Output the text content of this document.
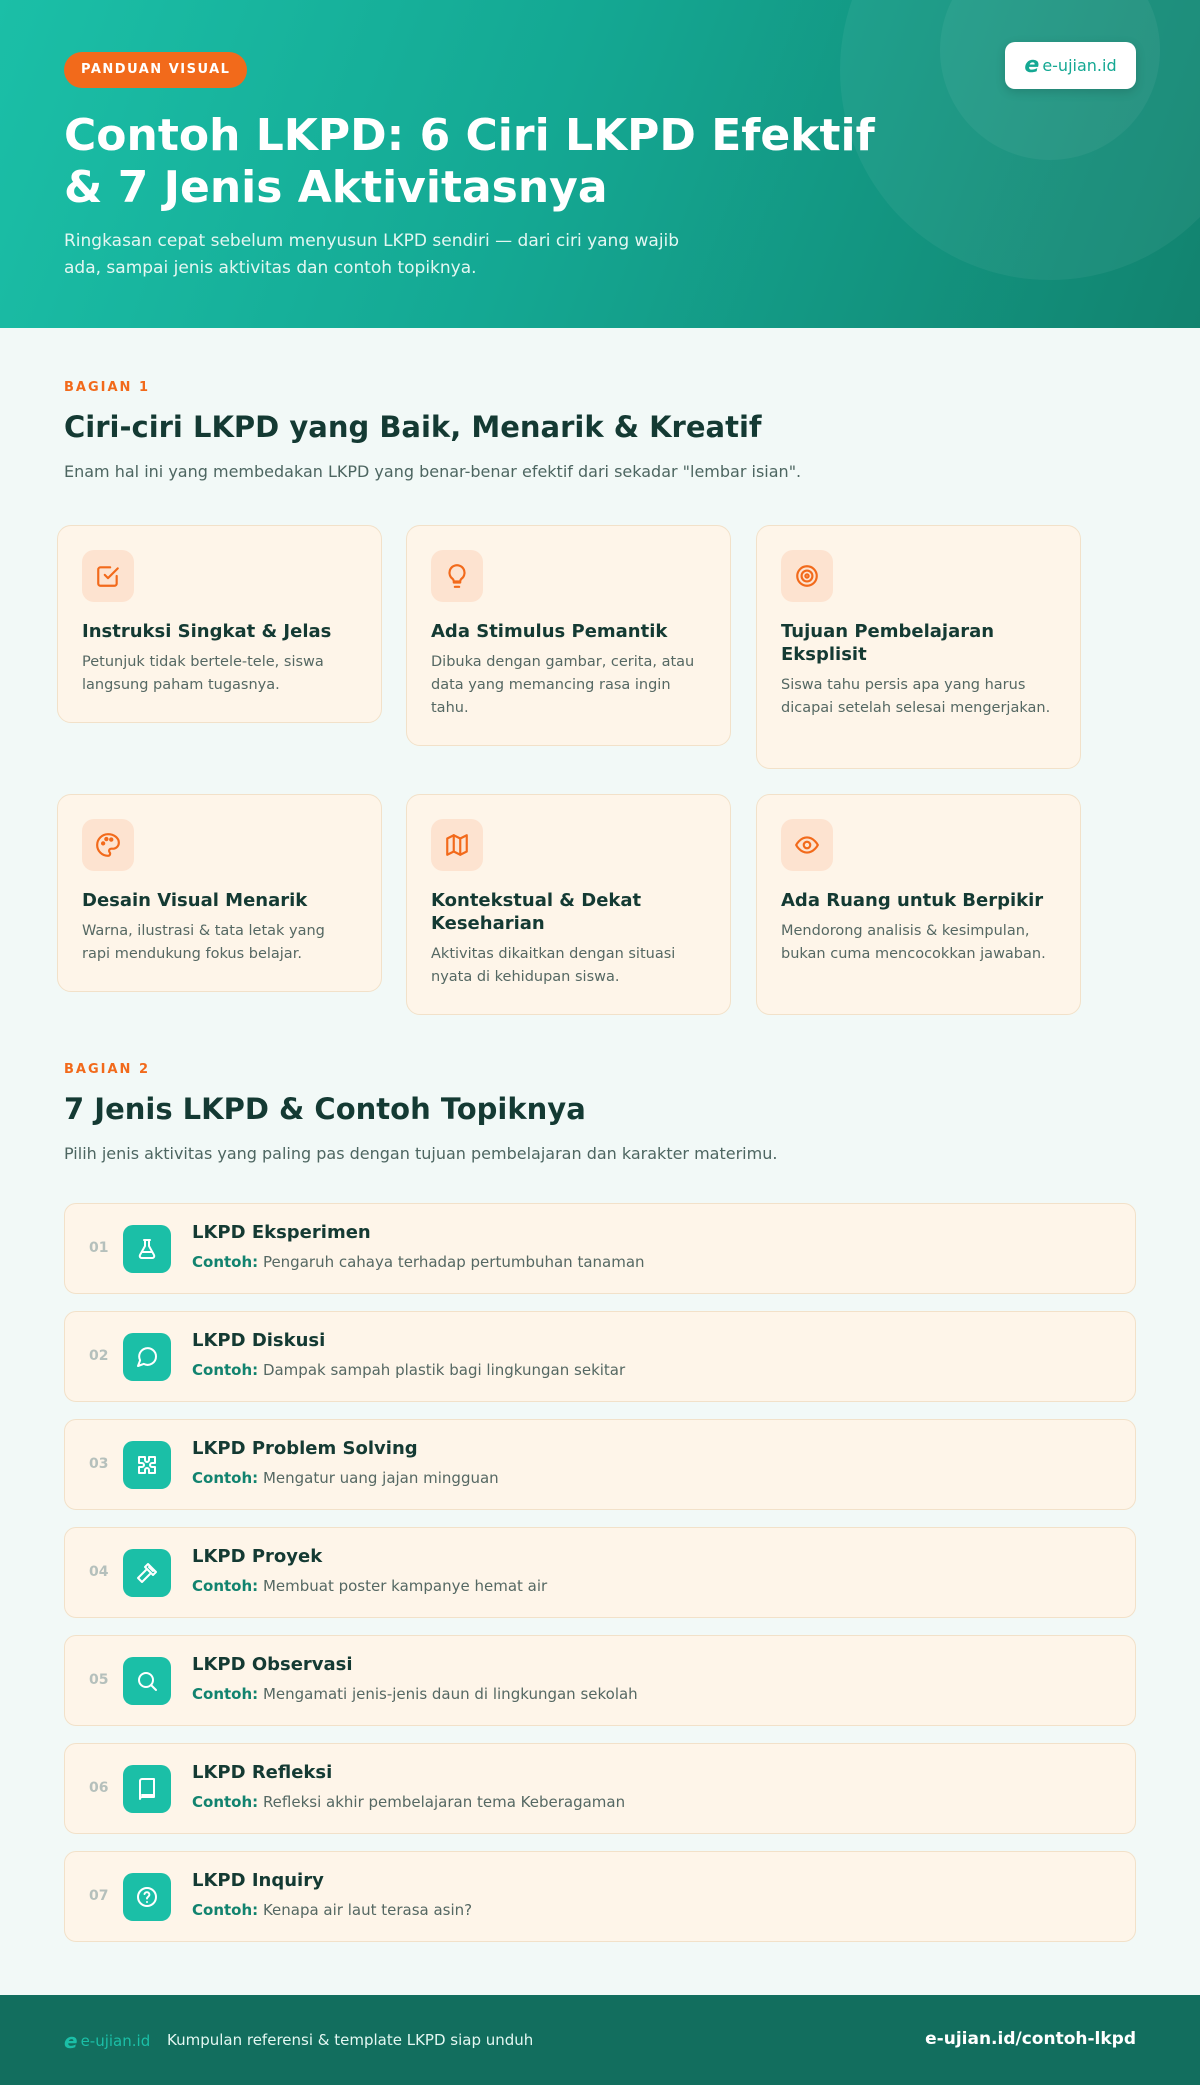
PANDUAN VISUAL
Contoh LKPD: 6 Ciri LKPD Efektif & 7 Jenis Aktivitasnya

Ringkasan cepat sebelum menyusun LKPD sendiri — dari ciri yang wajib ada, sampai jenis aktivitas dan contoh topiknya.

e e-ujian.id
BAGIAN 1
Ciri-ciri LKPD yang Baik, Menarik & Kreatif

Enam hal ini yang membedakan LKPD yang benar-benar efektif dari sekadar "lembar isian".

Instruksi Singkat & Jelas
Petunjuk tidak bertele-tele, siswa langsung paham tugasnya.
Ada Stimulus Pemantik
Dibuka dengan gambar, cerita, atau data yang memancing rasa ingin tahu.
Tujuan Pembelajaran Eksplisit
Siswa tahu persis apa yang harus dicapai setelah selesai mengerjakan.
Desain Visual Menarik
Warna, ilustrasi & tata letak yang rapi mendukung fokus belajar.
Kontekstual & Dekat Keseharian
Aktivitas dikaitkan dengan situasi nyata di kehidupan siswa.
Ada Ruang untuk Berpikir
Mendorong analisis & kesimpulan, bukan cuma mencocokkan jawaban.
BAGIAN 2
7 Jenis LKPD & Contoh Topiknya

Pilih jenis aktivitas yang paling pas dengan tujuan pembelajaran dan karakter materimu.

01
LKPD Eksperimen
Contoh: Pengaruh cahaya terhadap pertumbuhan tanaman
02
LKPD Diskusi
Contoh: Dampak sampah plastik bagi lingkungan sekitar
03
LKPD Problem Solving
Contoh: Mengatur uang jajan mingguan
04
LKPD Proyek
Contoh: Membuat poster kampanye hemat air
05
LKPD Observasi
Contoh: Mengamati jenis-jenis daun di lingkungan sekolah
06
LKPD Refleksi
Contoh: Refleksi akhir pembelajaran tema Keberagaman
07
LKPD Inquiry
Contoh: Kenapa air laut terasa asin?
e e-ujian.id Kumpulan referensi & template LKPD siap unduh	e-ujian.id/contoh-lkpd
